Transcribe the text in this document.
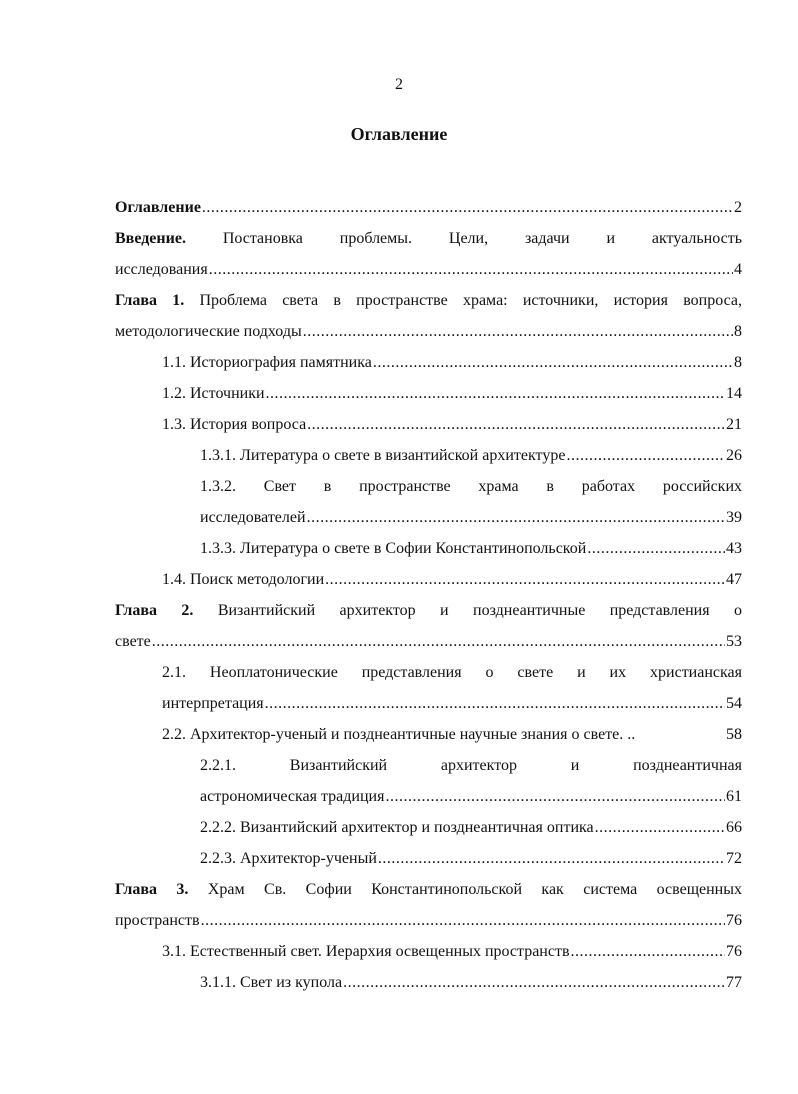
2
Оглавление
Оглавление .....	2
Введение. Постановка проблемы. Цели, задачи и актуальность
исследования .....	4
Глава 1. Проблема света в пространстве храма: источники, история вопроса,
методологические подходы .....	8
1.1. Историография памятника .....	8
1.2. Источники .....	14
1.3. История вопроса .....	21
1.3.1. Литература о свете в византийской архитектуре .....	26
1.3.2. Свет в пространстве храма в работах российских
исследователей .....	39
1.3.3. Литература о свете в Софии Константинопольской .....	43
1.4. Поиск методологии .....	47
Глава 2. Византийский архитектор и позднеантичные представления о
свете .....	53
2.1. Неоплатонические представления о свете и их христианская
интерпретация .....	54
2.2. Архитектор-ученый и позднеантичные научные знания о свете. ..	58
2.2.1. Византийский архитектор и позднеантичная
астрономическая традиция .....	61
2.2.2. Византийский архитектор и позднеантичная оптика .....	66
2.2.3. Архитектор-ученый .....	72
Глава 3. Храм Св. Софии Константинопольской как система освещенных
пространств .....	76
3.1. Естественный свет. Иерархия освещенных пространств .....	76
3.1.1. Свет из купола .....	77
